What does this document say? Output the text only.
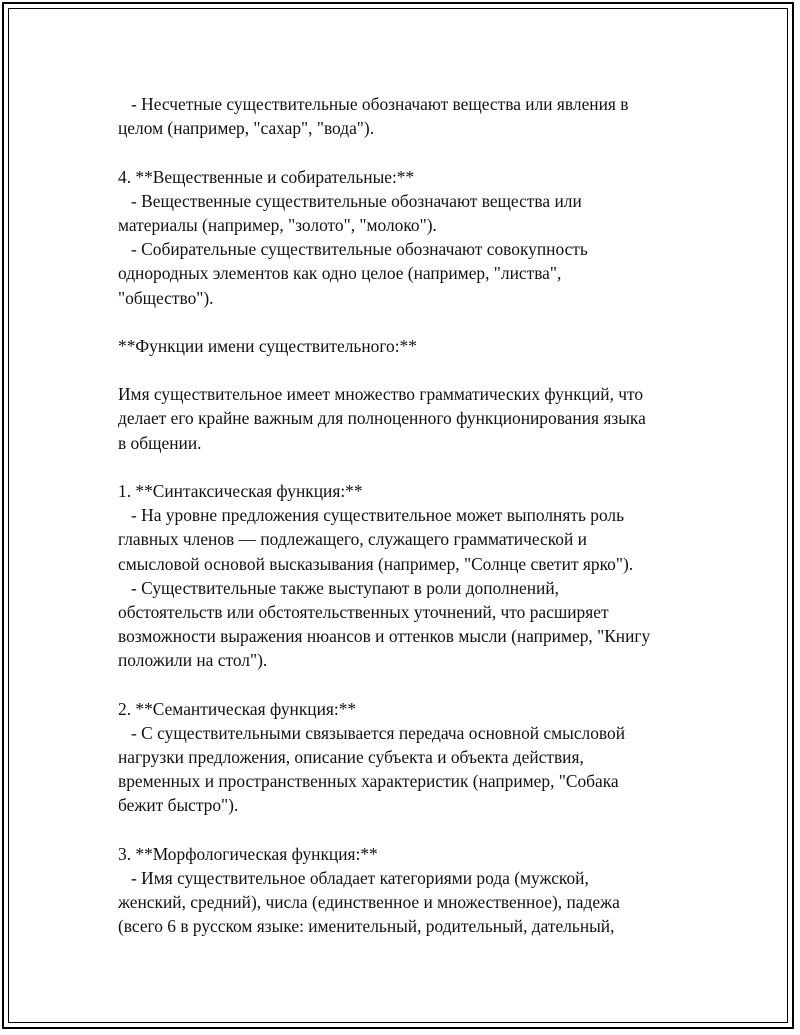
- Несчетные существительные обозначают вещества или явления в
целом (например, "сахар", "вода").
4. **Вещественные и собирательные:**
- Вещественные существительные обозначают вещества или
материалы (например, "золото", "молоко").
- Собирательные существительные обозначают совокупность
однородных элементов как одно целое (например, "листва",
"общество").
**Функции имени существительного:**
Имя существительное имеет множество грамматических функций, что
делает его крайне важным для полноценного функционирования языка
в общении.
1. **Синтаксическая функция:**
- На уровне предложения существительное может выполнять роль
главных членов — подлежащего, служащего грамматической и
смысловой основой высказывания (например, "Солнце светит ярко").
- Существительные также выступают в роли дополнений,
обстоятельств или обстоятельственных уточнений, что расширяет
возможности выражения нюансов и оттенков мысли (например, "Книгу
положили на стол").
2. **Семантическая функция:**
- С существительными связывается передача основной смысловой
нагрузки предложения, описание субъекта и объекта действия,
временных и пространственных характеристик (например, "Собака
бежит быстро").
3. **Морфологическая функция:**
- Имя существительное обладает категориями рода (мужской,
женский, средний), числа (единственное и множественное), падежа
(всего 6 в русском языке: именительный, родительный, дательный,
